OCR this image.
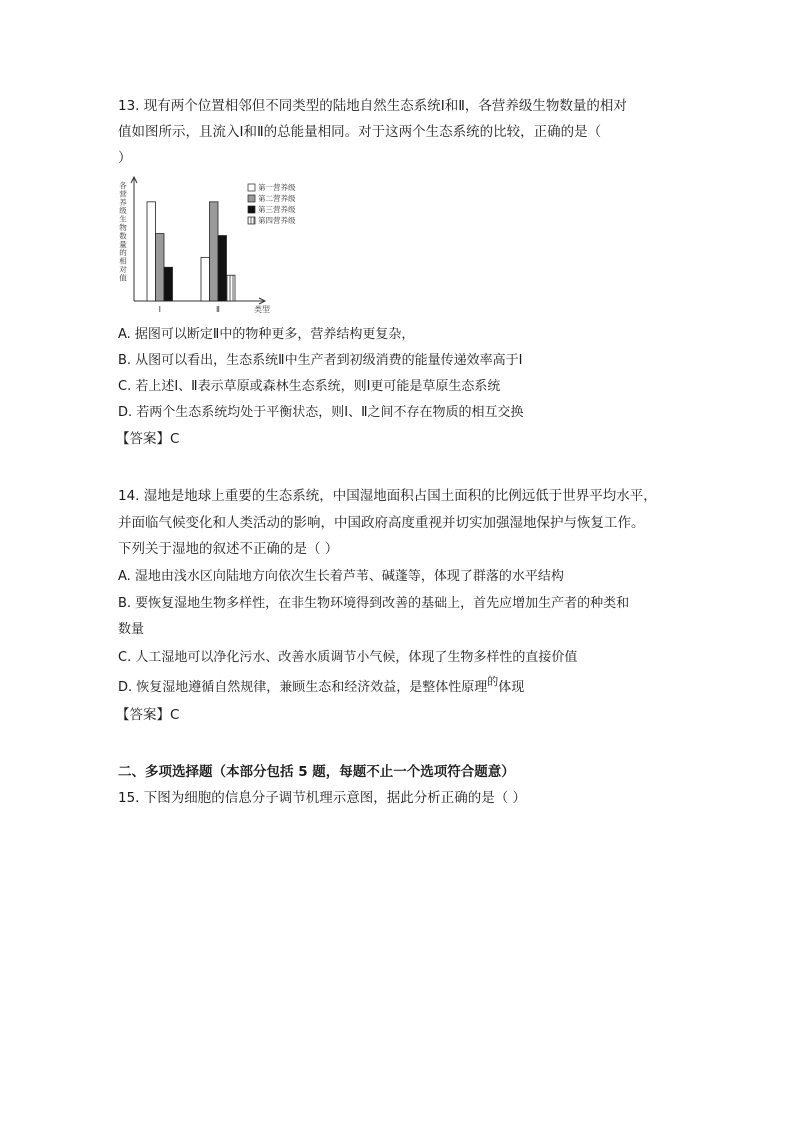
13. 现有两个位置相邻但不同类型的陆地自然生态系统Ⅰ和Ⅱ，各营养级生物数量的相对
值如图所示，且流入Ⅰ和Ⅱ的总能量相同。对于这两个生态系统的比较，正确的是（
）
各营养级生物数量的相对值
类型
Ⅰ	Ⅱ
第一营养级
第二营养级
第三营养级
第四营养级
A. 据图可以断定Ⅱ中的物种更多，营养结构更复杂，
B. 从图可以看出，生态系统Ⅱ中生产者到初级消费的能量传递效率高于Ⅰ
C. 若上述Ⅰ、Ⅱ表示草原或森林生态系统，则Ⅰ更可能是草原生态系统
D. 若两个生态系统均处于平衡状态，则Ⅰ、Ⅱ之间不存在物质的相互交换
【答案】C
14. 湿地是地球上重要的生态系统，中国湿地面积占国土面积的比例远低于世界平均水平，
并面临气候变化和人类活动的影响，中国政府高度重视并切实加强湿地保护与恢复工作。
下列关于湿地的叙述不正确的是（ ）
A. 湿地由浅水区向陆地方向依次生长着芦苇、碱蓬等，体现了群落的水平结构
B. 要恢复湿地生物多样性，在非生物环境得到改善的基础上，首先应增加生产者的种类和
数量
C. 人工湿地可以净化污水、改善水质调节小气候，体现了生物多样性的直接价值
D. 恢复湿地遵循自然规律，兼顾生态和经济效益，是整体性原理$^的$体现
【答案】C
二、多项选择题（本部分包括 5 题，每题不止一个选项符合题意）
15. 下图为细胞的信息分子调节机理示意图，据此分析正确的是（ ）
